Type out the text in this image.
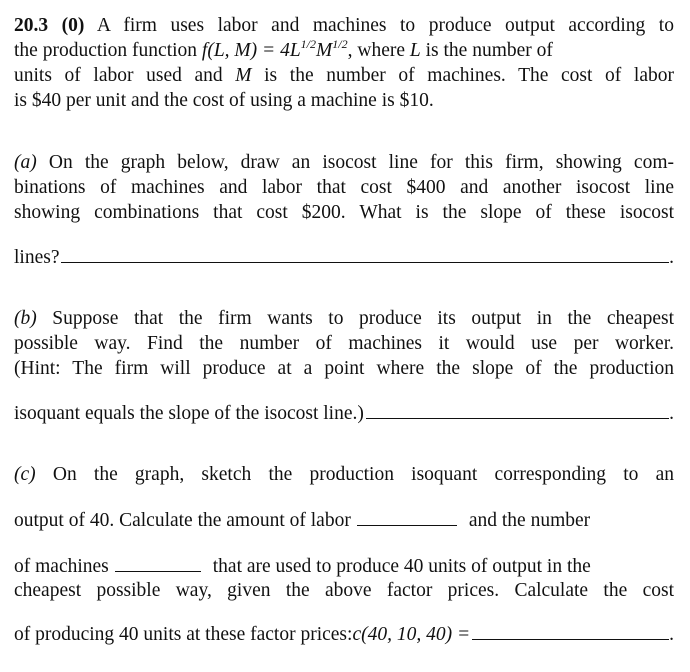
20.3 (0) A firm uses labor and machines to produce output according to
the production function f(L, $M) = 4L^{1/2}M^{1/2}$, where L is the number of
units of labor used and M is the number of machines. The cost of labor
is $40 per unit and the cost of using a machine is $10.
(a) On the graph below, draw an isocost line for this firm, showing com-
binations of machines and labor that cost $400 and another isocost line
showing combinations that cost $200. What is the slope of these isocost
lines?	.
(b) Suppose that the firm wants to produce its output in the cheapest
possible way. Find the number of machines it would use per worker.
(Hint: The firm will produce at a point where the slope of the production
isoquant equals the slope of the isocost line.)	.
(c) On the graph, sketch the production isoquant corresponding to an
output of 40. Calculate the amount of labor	and the number
of machines	that are used to produce 40 units of output in the
cheapest possible way, given the above factor prices. Calculate the cost
of producing 40 units at these factor prices: c(40, 10, 40) =	.
